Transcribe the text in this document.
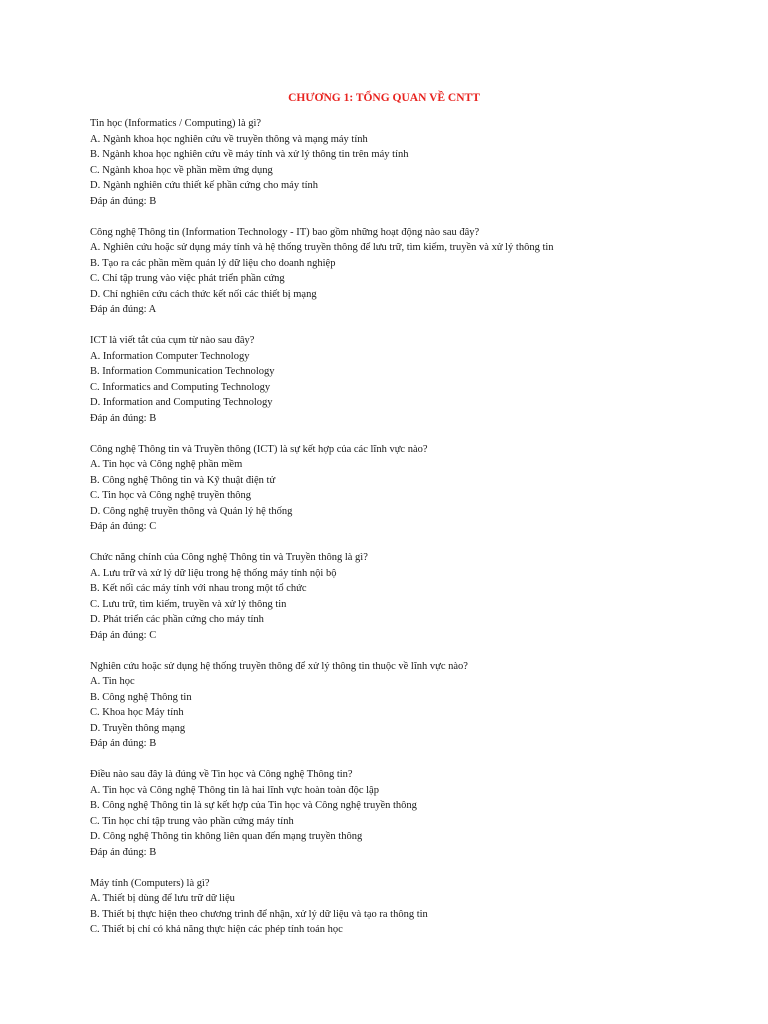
CHƯƠNG 1: TỔNG QUAN VỀ CNTT
Tin học (Informatics / Computing) là gì?
A. Ngành khoa học nghiên cứu về truyền thông và mạng máy tính
B. Ngành khoa học nghiên cứu về máy tính và xử lý thông tin trên máy tính
C. Ngành khoa học về phần mềm ứng dụng
D. Ngành nghiên cứu thiết kế phần cứng cho máy tính
Đáp án đúng: B
Công nghệ Thông tin (Information Technology - IT) bao gồm những hoạt động nào sau đây?
A. Nghiên cứu hoặc sử dụng máy tính và hệ thống truyền thông để lưu trữ, tìm kiếm, truyền và xử lý thông tin
B. Tạo ra các phần mềm quản lý dữ liệu cho doanh nghiệp
C. Chỉ tập trung vào việc phát triển phần cứng
D. Chỉ nghiên cứu cách thức kết nối các thiết bị mạng
Đáp án đúng: A
ICT là viết tắt của cụm từ nào sau đây?
A. Information Computer Technology
B. Information Communication Technology
C. Informatics and Computing Technology
D. Information and Computing Technology
Đáp án đúng: B
Công nghệ Thông tin và Truyền thông (ICT) là sự kết hợp của các lĩnh vực nào?
A. Tin học và Công nghệ phần mềm
B. Công nghệ Thông tin và Kỹ thuật điện tử
C. Tin học và Công nghệ truyền thông
D. Công nghệ truyền thông và Quản lý hệ thống
Đáp án đúng: C
Chức năng chính của Công nghệ Thông tin và Truyền thông là gì?
A. Lưu trữ và xử lý dữ liệu trong hệ thống máy tính nội bộ
B. Kết nối các máy tính với nhau trong một tổ chức
C. Lưu trữ, tìm kiếm, truyền và xử lý thông tin
D. Phát triển các phần cứng cho máy tính
Đáp án đúng: C
Nghiên cứu hoặc sử dụng hệ thống truyền thông để xử lý thông tin thuộc về lĩnh vực nào?
A. Tin học
B. Công nghệ Thông tin
C. Khoa học Máy tính
D. Truyền thông mạng
Đáp án đúng: B
Điều nào sau đây là đúng về Tin học và Công nghệ Thông tin?
A. Tin học và Công nghệ Thông tin là hai lĩnh vực hoàn toàn độc lập
B. Công nghệ Thông tin là sự kết hợp của Tin học và Công nghệ truyền thông
C. Tin học chỉ tập trung vào phần cứng máy tính
D. Công nghệ Thông tin không liên quan đến mạng truyền thông
Đáp án đúng: B
Máy tính (Computers) là gì?
A. Thiết bị dùng để lưu trữ dữ liệu
B. Thiết bị thực hiện theo chương trình để nhận, xử lý dữ liệu và tạo ra thông tin
C. Thiết bị chỉ có khả năng thực hiện các phép tính toán học
